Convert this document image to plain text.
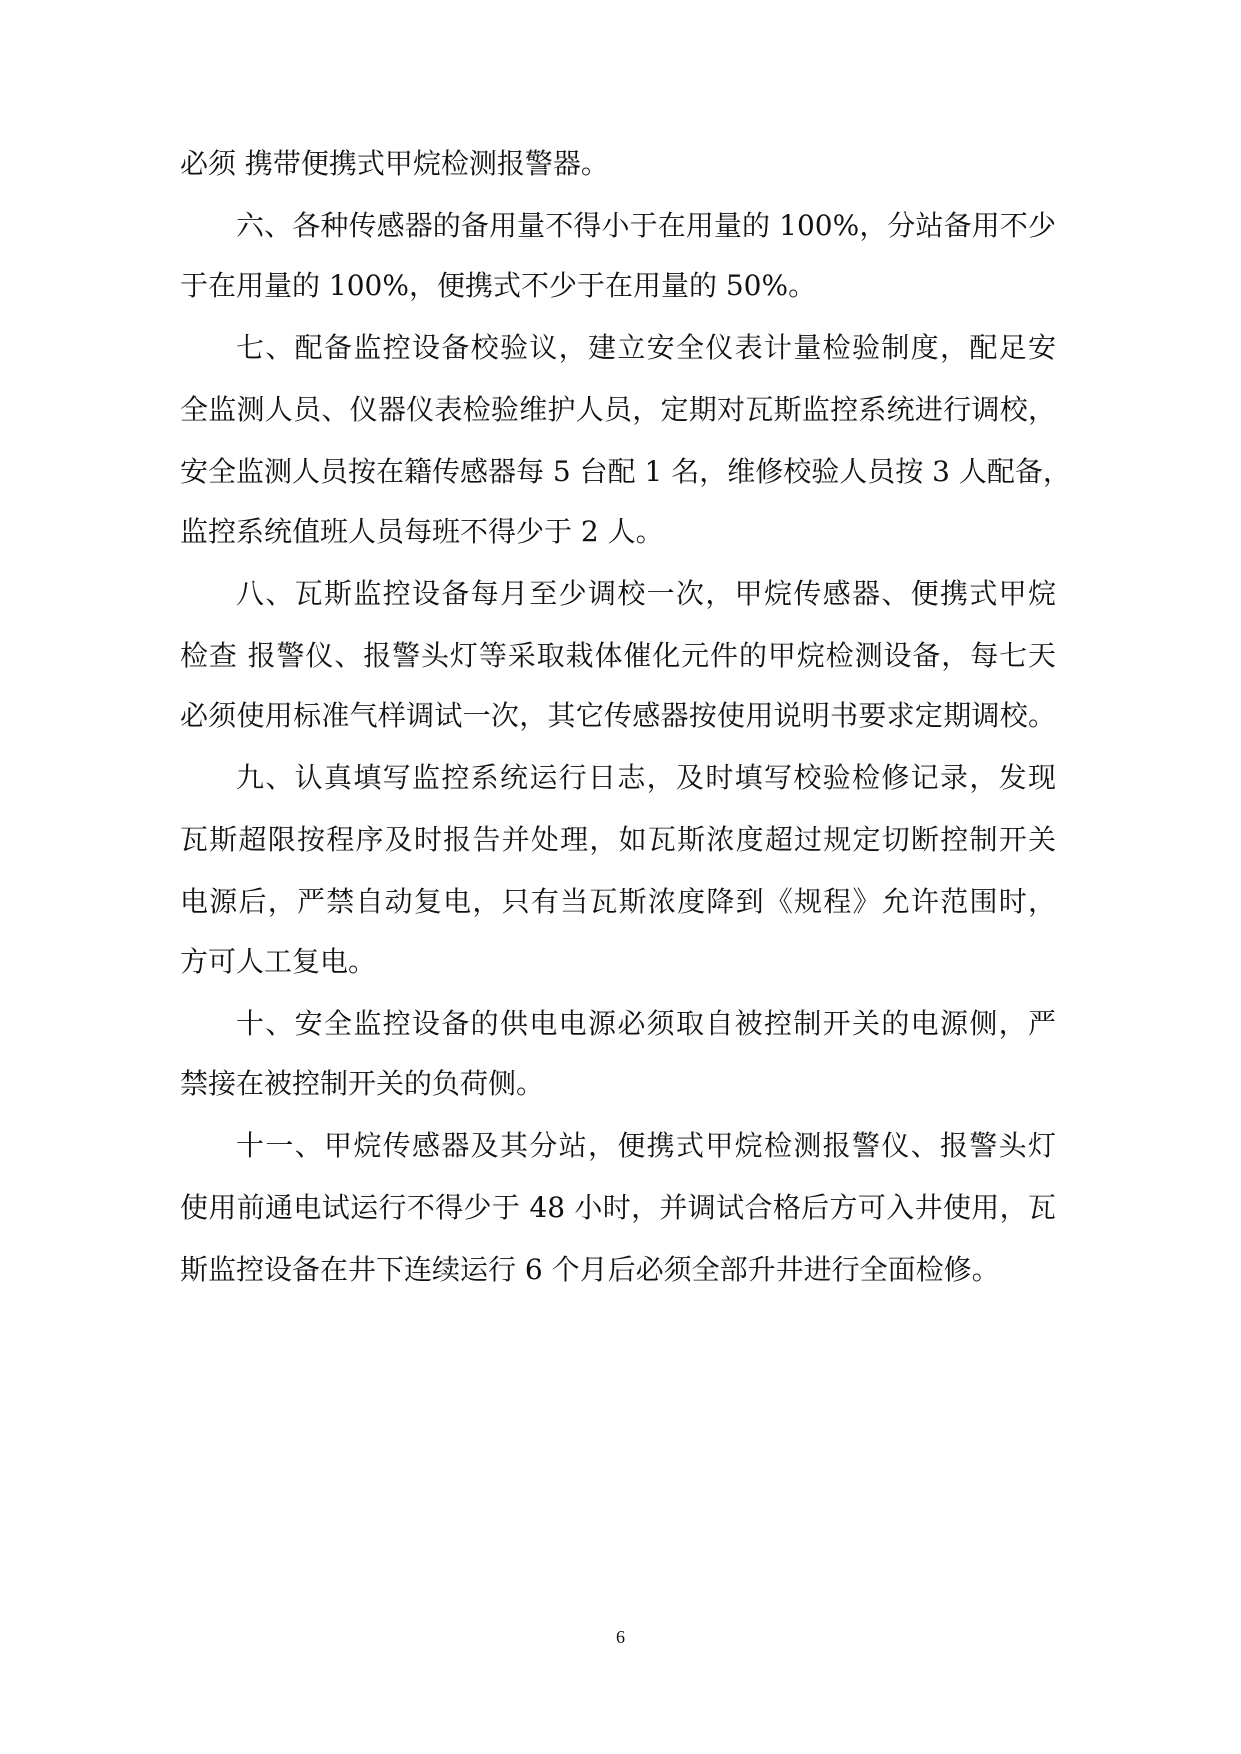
必须 携带便携式甲烷检测报警器。
六、各种传感器的备用量不得小于在用量的 100%，分站备用不少
于在用量的 100%，便携式不少于在用量的 50%。
七、配备监控设备校验议，建立安全仪表计量检验制度，配足安
全监测人员、仪器仪表检验维护人员，定期对瓦斯监控系统进行调校，
安全监测人员按在籍传感器每 5 台配 1 名，维修校验人员按 3 人配备，
监控系统值班人员每班不得少于 2 人。
八、瓦斯监控设备每月至少调校一次，甲烷传感器、便携式甲烷
检查 报警仪、报警头灯等采取栽体催化元件的甲烷检测设备，每七天
必须使用标准气样调试一次，其它传感器按使用说明书要求定期调校。
九、认真填写监控系统运行日志，及时填写校验检修记录，发现
瓦斯超限按程序及时报告并处理，如瓦斯浓度超过规定切断控制开关
电源后，严禁自动复电，只有当瓦斯浓度降到《规程》允许范围时，
方可人工复电。
十、安全监控设备的供电电源必须取自被控制开关的电源侧，严
禁接在被控制开关的负荷侧。
十一、甲烷传感器及其分站，便携式甲烷检测报警仪、报警头灯
使用前通电试运行不得少于 48 小时，并调试合格后方可入井使用，瓦
斯监控设备在井下连续运行 6 个月后必须全部升井进行全面检修。
6
